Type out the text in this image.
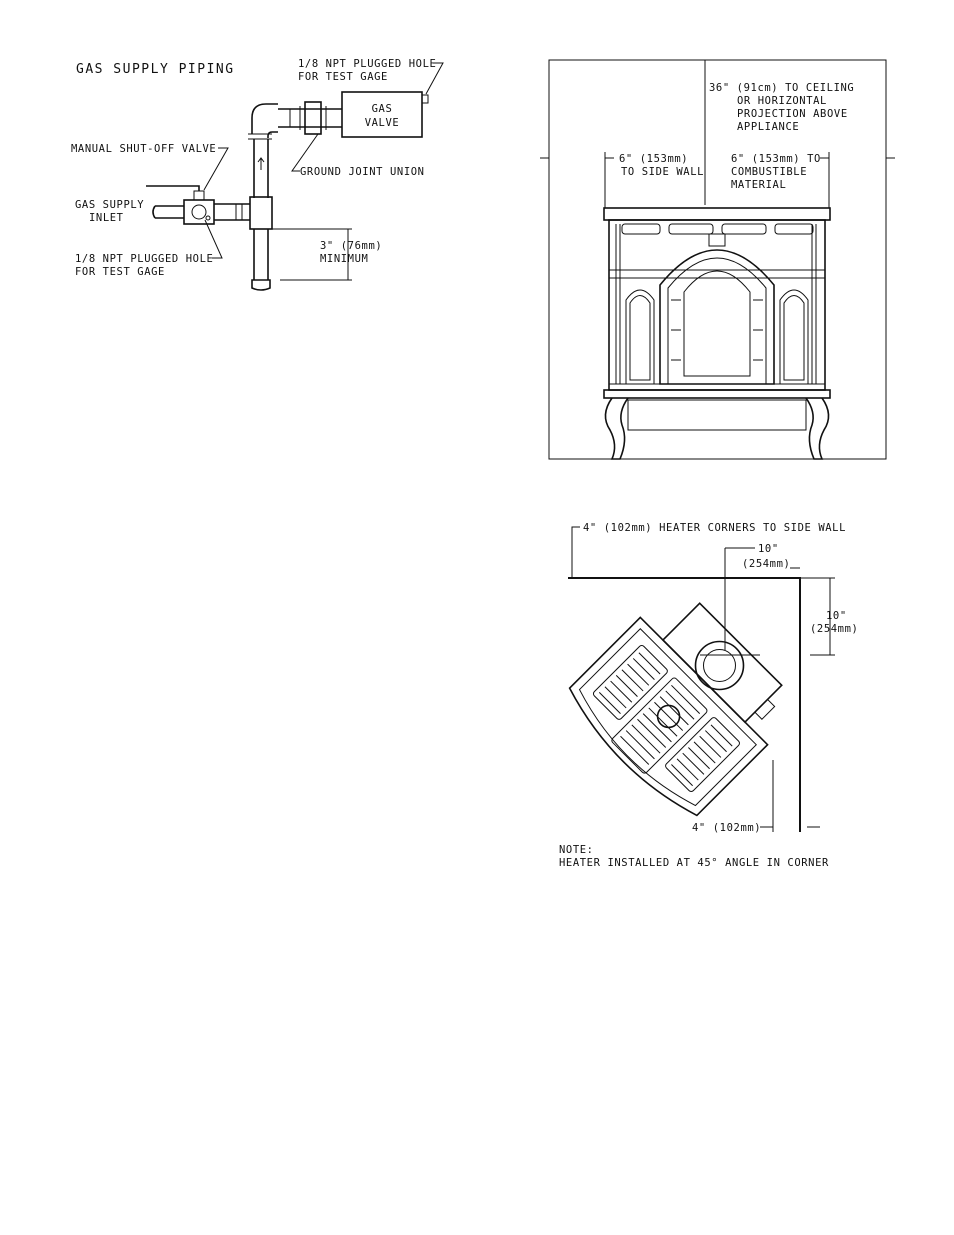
GAS SUPPLY PIPING	1/8 NPT PLUGGED HOLE
FOR TEST GAGE
GAS
VALVE
MANUAL SHUT-OFF VALVE
GROUND JOINT UNION
GAS SUPPLY
INLET
1/8 NPT PLUGGED HOLE
FOR TEST GAGE
3" (76mm)
MINIMUM
36" (91cm) TO CEILING
OR HORIZONTAL
PROJECTION ABOVE
APPLIANCE
6" (153mm)
TO SIDE WALL
6" (153mm) TO
COMBUSTIBLE
MATERIAL
4" (102mm) HEATER CORNERS TO SIDE WALL
10"
(254mm)
10"
(254mm)
4" (102mm)
NOTE:
HEATER INSTALLED AT 45° ANGLE IN CORNER
